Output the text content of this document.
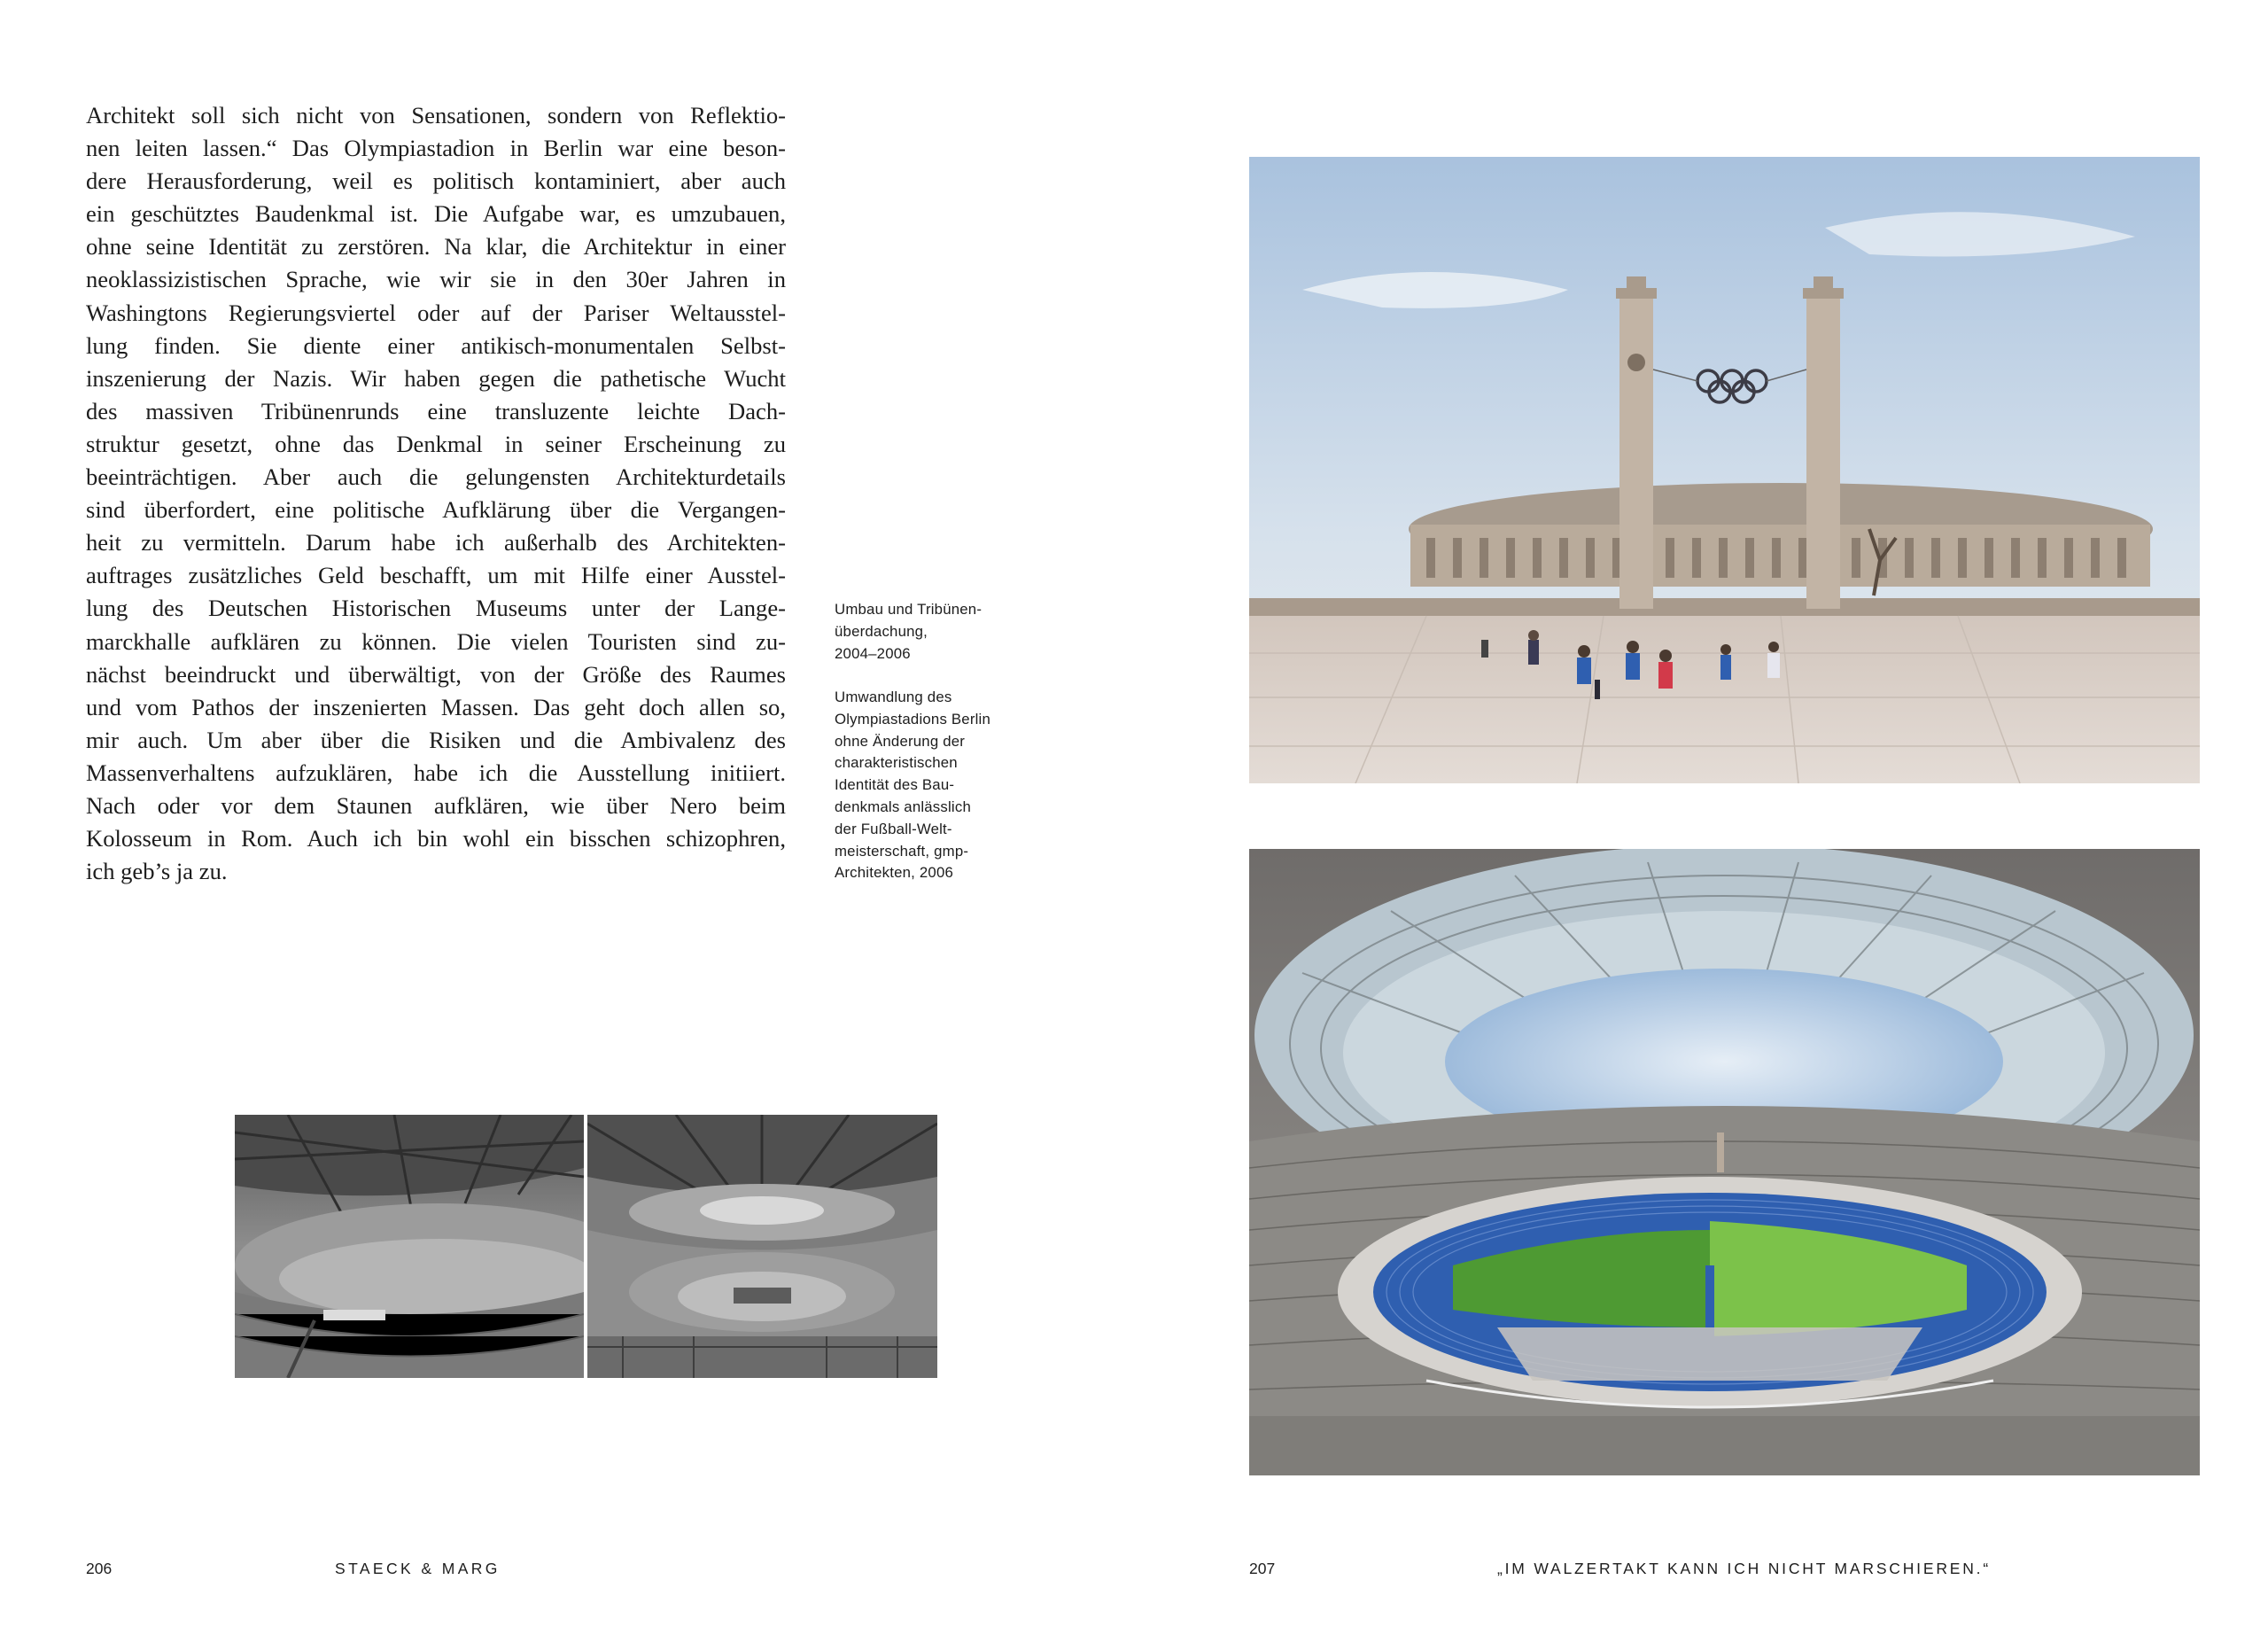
Architekt soll sich nicht von Sensationen, sondern von Reflektio-
nen leiten lassen.“ Das Olympiastadion in Berlin war eine beson-
dere Herausforderung, weil es politisch kontaminiert, aber auch
ein geschütztes Baudenkmal ist. Die Aufgabe war, es umzubauen,
ohne seine Identität zu zerstören. Na klar, die Architektur in einer
neoklassizistischen Sprache, wie wir sie in den 30er Jahren in
Washingtons Regierungsviertel oder auf der Pariser Weltausstel-
lung finden. Sie diente einer antikisch-monumentalen Selbst-
inszenierung der Nazis. Wir haben gegen die pathetische Wucht
des massiven Tribünenrunds eine transluzente leichte Dach-
struktur gesetzt, ohne das Denkmal in seiner Erscheinung zu
beeinträchtigen. Aber auch die gelungensten Architekturdetails
sind überfordert, eine politische Aufklärung über die Vergangen-
heit zu vermitteln. Darum habe ich außerhalb des Architekten-
auftrages zusätzliches Geld beschafft, um mit Hilfe einer Ausstel-
lung des Deutschen Historischen Museums unter der Lange-
marckhalle aufklären zu können. Die vielen Touristen sind zu-
nächst beeindruckt und überwältigt, von der Größe des Raumes
und vom Pathos der inszenierten Massen. Das geht doch allen so,
mir auch. Um aber über die Risiken und die Ambivalenz des
Massenverhaltens aufzuklären, habe ich die Ausstellung initiiert.
Nach oder vor dem Staunen aufklären, wie über Nero beim
Kolosseum in Rom. Auch ich bin wohl ein bisschen schizophren,
ich geb’s ja zu.
Umbau und Tribünen-
überdachung,
2004–2006
Umwandlung des
Olympiastadions Berlin
ohne Änderung der
charakteristischen
Identität des Bau-
denkmals anlässlich
der Fußball-Welt-
meisterschaft, gmp-
Architekten, 2006
206	STAECK & MARG	207	„IM WALZERTAKT KANN ICH NICHT MARSCHIEREN.“
